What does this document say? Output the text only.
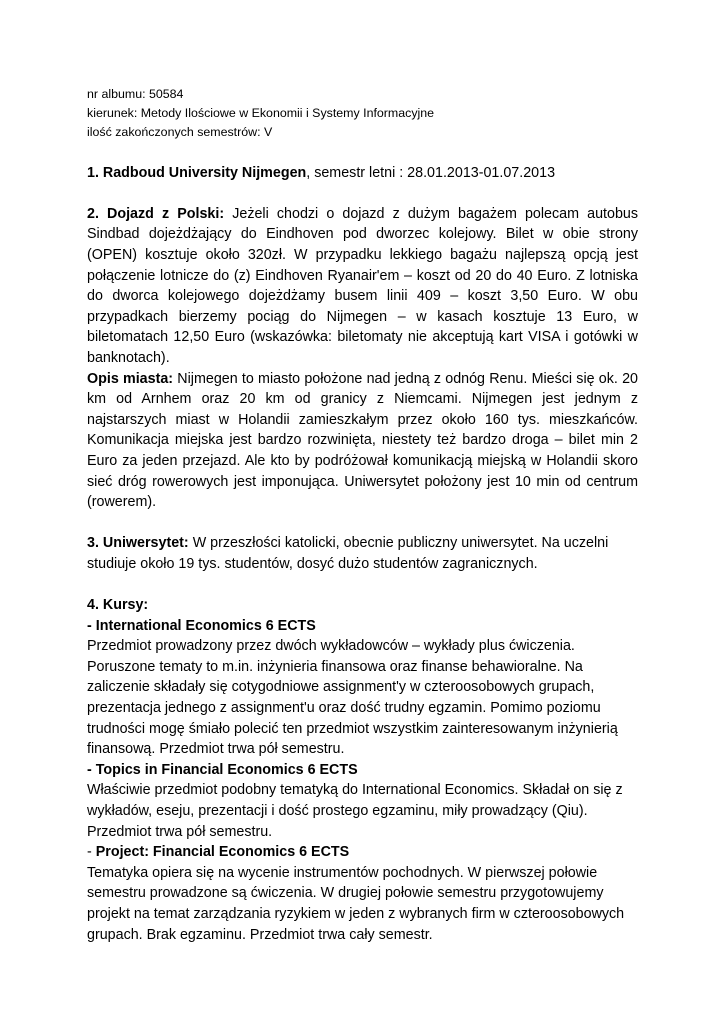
nr albumu: 50584

kierunek: Metody Ilościowe w Ekonomii i Systemy Informacyjne

ilość zakończonych semestrów: V

1. Radboud University Nijmegen, semestr letni : 28.01.2013-01.07.2013

2. Dojazd z Polski: Jeżeli chodzi o dojazd z dużym bagażem polecam autobus Sindbad dojeżdżający do Eindhoven pod dworzec kolejowy. Bilet w obie strony (OPEN) kosztuje około 320zł. W przypadku lekkiego bagażu najlepszą opcją jest połączenie lotnicze do (z) Eindhoven Ryanair'em – koszt od 20 do 40 Euro. Z lotniska do dworca kolejowego dojeżdżamy busem linii 409 – koszt 3,50 Euro. W obu przypadkach bierzemy pociąg do Nijmegen – w kasach kosztuje 13 Euro, w biletomatach 12,50 Euro (wskazówka: biletomaty nie akceptują kart VISA i gotówki w banknotach).

Opis miasta: Nijmegen to miasto położone nad jedną z odnóg Renu. Mieści się ok. 20 km od Arnhem oraz 20 km od granicy z Niemcami. Nijmegen jest jednym z najstarszych miast w Holandii zamieszkałym przez około 160 tys. mieszkańców. Komunikacja miejska jest bardzo rozwinięta, niestety też bardzo droga – bilet min 2 Euro za jeden przejazd. Ale kto by podróżował komunikacją miejską w Holandii skoro sieć dróg rowerowych jest imponująca. Uniwersytet położony jest 10 min od centrum (rowerem).

3. Uniwersytet: W przeszłości katolicki, obecnie publiczny uniwersytet. Na uczelni studiuje około 19 tys. studentów, dosyć dużo studentów zagranicznych.

4. Kursy:

- International Economics 6 ECTS

Przedmiot prowadzony przez dwóch wykładowców – wykłady plus ćwiczenia. Poruszone tematy to m.in. inżynieria finansowa oraz finanse behawioralne. Na zaliczenie składały się cotygodniowe assignment'y w czteroosobowych grupach, prezentacja jednego z assignment'u oraz dość trudny egzamin. Pomimo poziomu trudności mogę śmiało polecić ten przedmiot wszystkim zainteresowanym inżynierią finansową. Przedmiot trwa pół semestru.

- Topics in Financial Economics 6 ECTS

Właściwie przedmiot podobny tematyką do International Economics. Składał on się z wykładów, eseju, prezentacji i dość prostego egzaminu, miły prowadzący (Qiu). Przedmiot trwa pół semestru.

- Project: Financial Economics 6 ECTS

Tematyka opiera się na wycenie instrumentów pochodnych. W pierwszej połowie semestru prowadzone są ćwiczenia. W drugiej połowie semestru przygotowujemy projekt na temat zarządzania ryzykiem w jeden z wybranych firm w czteroosobowych grupach. Brak egzaminu. Przedmiot trwa cały semestr.
